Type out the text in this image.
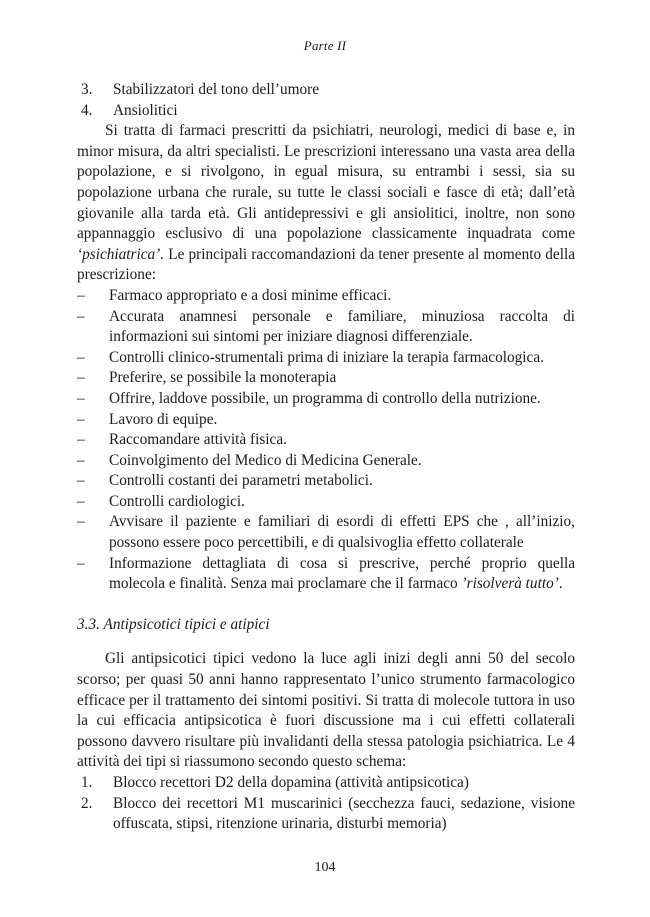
Parte II
3.	Stabilizzatori del tono dell’umore
4.	Ansiolitici

Si tratta di farmaci prescritti da psichiatri, neurologi, medici di base e, in minor misura, da altri specialisti. Le prescrizioni interessano una vasta area della popolazione, e si rivolgono, in egual misura, su entrambi i sessi, sia su popolazione urbana che rurale, su tutte le classi sociali e fasce di età; dall’età giovanile alla tarda età. Gli antidepressivi e gli ansiolitici, inoltre, non sono appannaggio esclusivo di una popolazione classicamente inquadrata come ‘psichiatrica’. Le principali raccomandazioni da tener presente al momento della prescrizione:

–	Farmaco appropriato e a dosi minime efficaci.
–	Accurata anamnesi personale e familiare, minuziosa raccolta di informazioni sui sintomi per iniziare diagnosi differenziale.
–	Controlli clinico-strumentali prima di iniziare la terapia farmacologica.
–	Preferire, se possibile la monoterapia
–	Offrire, laddove possibile, un programma di controllo della nutrizione.
–	Lavoro di equipe.
–	Raccomandare attività fisica.
–	Coinvolgimento del Medico di Medicina Generale.
–	Controlli costanti dei parametri metabolici.
–	Controlli cardiologici.
–	Avvisare il paziente e familiari di esordi di effetti EPS che , all’inizio, possono essere poco percettibili, e di qualsivoglia effetto collaterale
–	Informazione dettagliata di cosa si prescrive, perché proprio quella molecola e finalità. Senza mai proclamare che il farmaco ’risolverà tutto’.
3.3. Antipsicotici tipici e atipici

Gli antipsicotici tipici vedono la luce agli inizi degli anni 50 del secolo scorso; per quasi 50 anni hanno rappresentato l’unico strumento farmacologico efficace per il trattamento dei sintomi positivi. Si tratta di molecole tuttora in uso la cui efficacia antipsicotica è fuori discussione ma i cui effetti collaterali possono davvero risultare più invalidanti della stessa patologia psichiatrica. Le 4 attività dei tipi si riassumono secondo questo schema:

1.	Blocco recettori D2 della dopamina (attività antipsicotica)
2.	Blocco dei recettori M1 muscarinici (secchezza fauci, sedazione, visione offuscata, stipsi, ritenzione urinaria, disturbi memoria)
104
